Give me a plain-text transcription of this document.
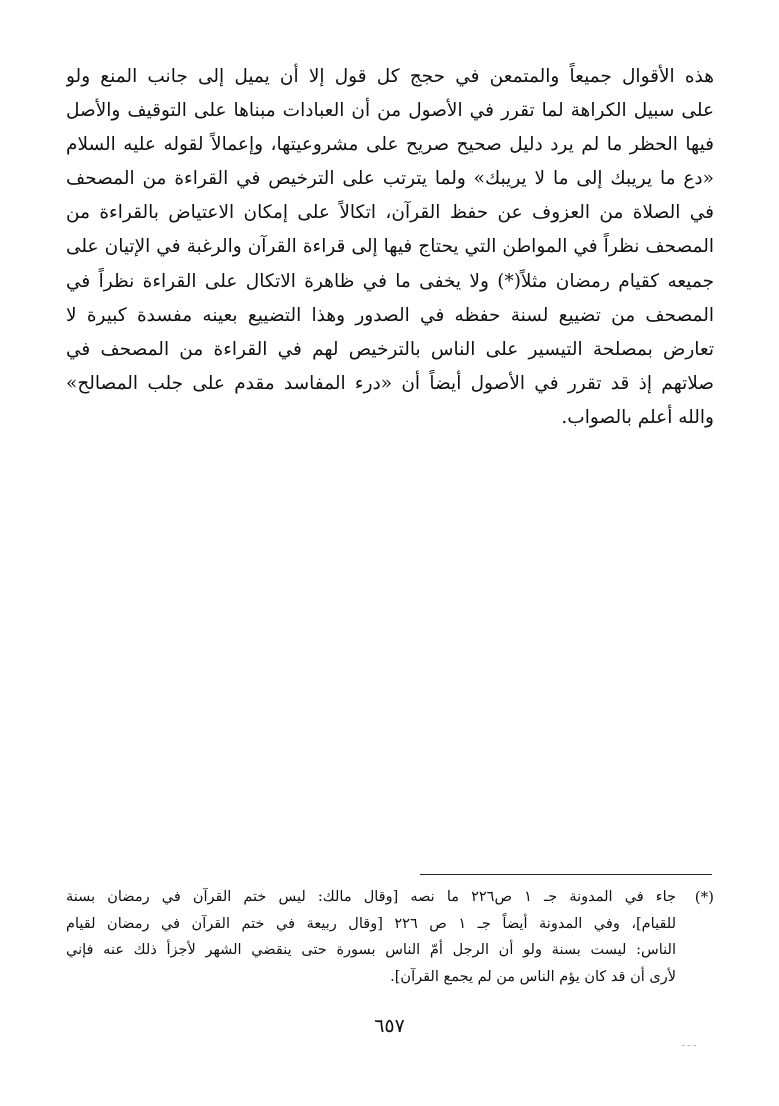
هذه الأقوال جميعاً والمتمعن في حجج كل قول إلا أن يميل إلى جانب المنع ولو
على سبيل الكراهة لما تقرر في الأصول من أن العبادات مبناها على التوقيف والأصل
فيها الحظر ما لم يرد دليل صحيح صريح على مشروعيتها، وإعمالاً لقوله عليه السلام
«دع ما يريبك إلى ما لا يريبك» ولما يترتب على الترخيص في القراءة من المصحف
في الصلاة من العزوف عن حفظ القرآن، اتكالاً على إمكان الاعتياض بالقراءة من
المصحف نظراً في المواطن التي يحتاج فيها إلى قراءة القرآن والرغبة في الإتيان على
جميعه كقيام رمضان مثلاً(*) ولا يخفى ما في ظاهرة الاتكال على القراءة نظراً في
المصحف من تضييع لسنة حفظه في الصدور وهذا التضييع بعينه مفسدة كبيرة لا
تعارض بمصلحة التيسير على الناس بالترخيص لهم في القراءة من المصحف في
صلاتهم إذ قد تقرر في الأصول أيضاً أن «درء المفاسد مقدم على جلب المصالح»
والله أعلم بالصواب.
(*)
جاء في المدونة جـ ١ ص٢٢٦ ما نصه [وقال مالك: ليس ختم القرآن في رمضان بسنة
للقيام]، وفي المدونة أيضاً جـ ١ ص ٢٢٦ [وقال ربيعة في ختم القرآن في رمضان لقيام
الناس: ليست بسنة ولو أن الرجل أمّ الناس بسورة حتى ينقضي الشهر لأجزأ ذلك عنه فإني
لأرى أن قد كان يؤم الناس من لم يجمع القرآن].
٦٥٧
